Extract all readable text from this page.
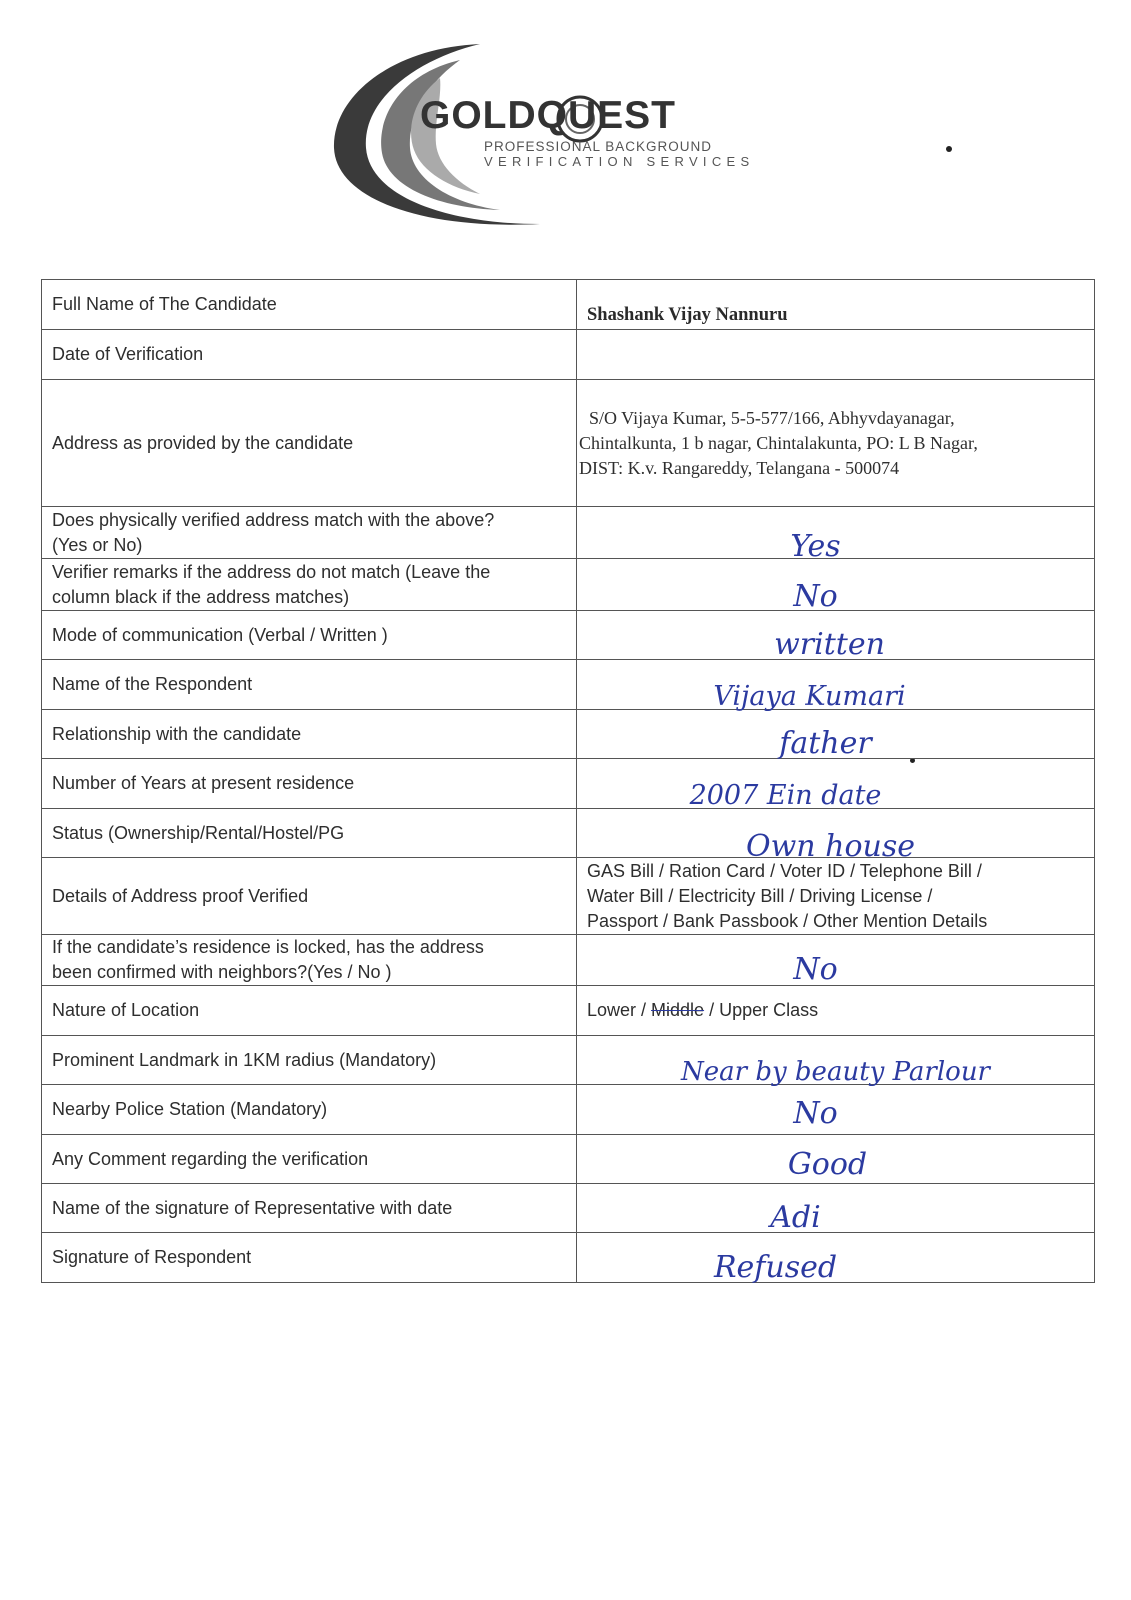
GOLDQUEST
PROFESSIONAL BACKGROUND
VERIFICATION SERVICES
Full Name of The Candidate	Shashank Vijay Nannuru
Date of Verification	
Address as provided by the candidate	S/O Vijaya Kumar, 5-5-577/166, Abhyvdayanagar,
Chintalkunta, 1 b nagar, Chintalakunta, PO: L B Nagar,
DIST: K.v. Rangareddy, Telangana - 500074

Does physically verified address match with the above?
(Yes or No)	Yes

Verifier remarks if the address do not match (Leave the
column black if the address matches)	No

Mode of communication (Verbal / Written )	written

Name of the Respondent	Vijaya Kumari

Relationship with the candidate	father

Number of Years at present residence	2007 Ein date

Status (Ownership/Rental/Hostel/PG	Own house

Details of Address proof Verified	GAS Bill / Ration Card / Voter ID / Telephone Bill /
Water Bill / Electricity Bill / Driving License /
Passport / Bank Passbook / Other Mention Details

If the candidate’s residence is locked, has the address
been confirmed with neighbors?(Yes / No )	No

Nature of Location	Lower / Middle / Upper Class
Prominent Landmark in 1KM radius (Mandatory)	Near by beauty Parlour

Nearby Police Station (Mandatory)	No

Any Comment regarding the verification	Good

Name of the signature of Representative with date	Adi

Signature of Respondent	Refused
